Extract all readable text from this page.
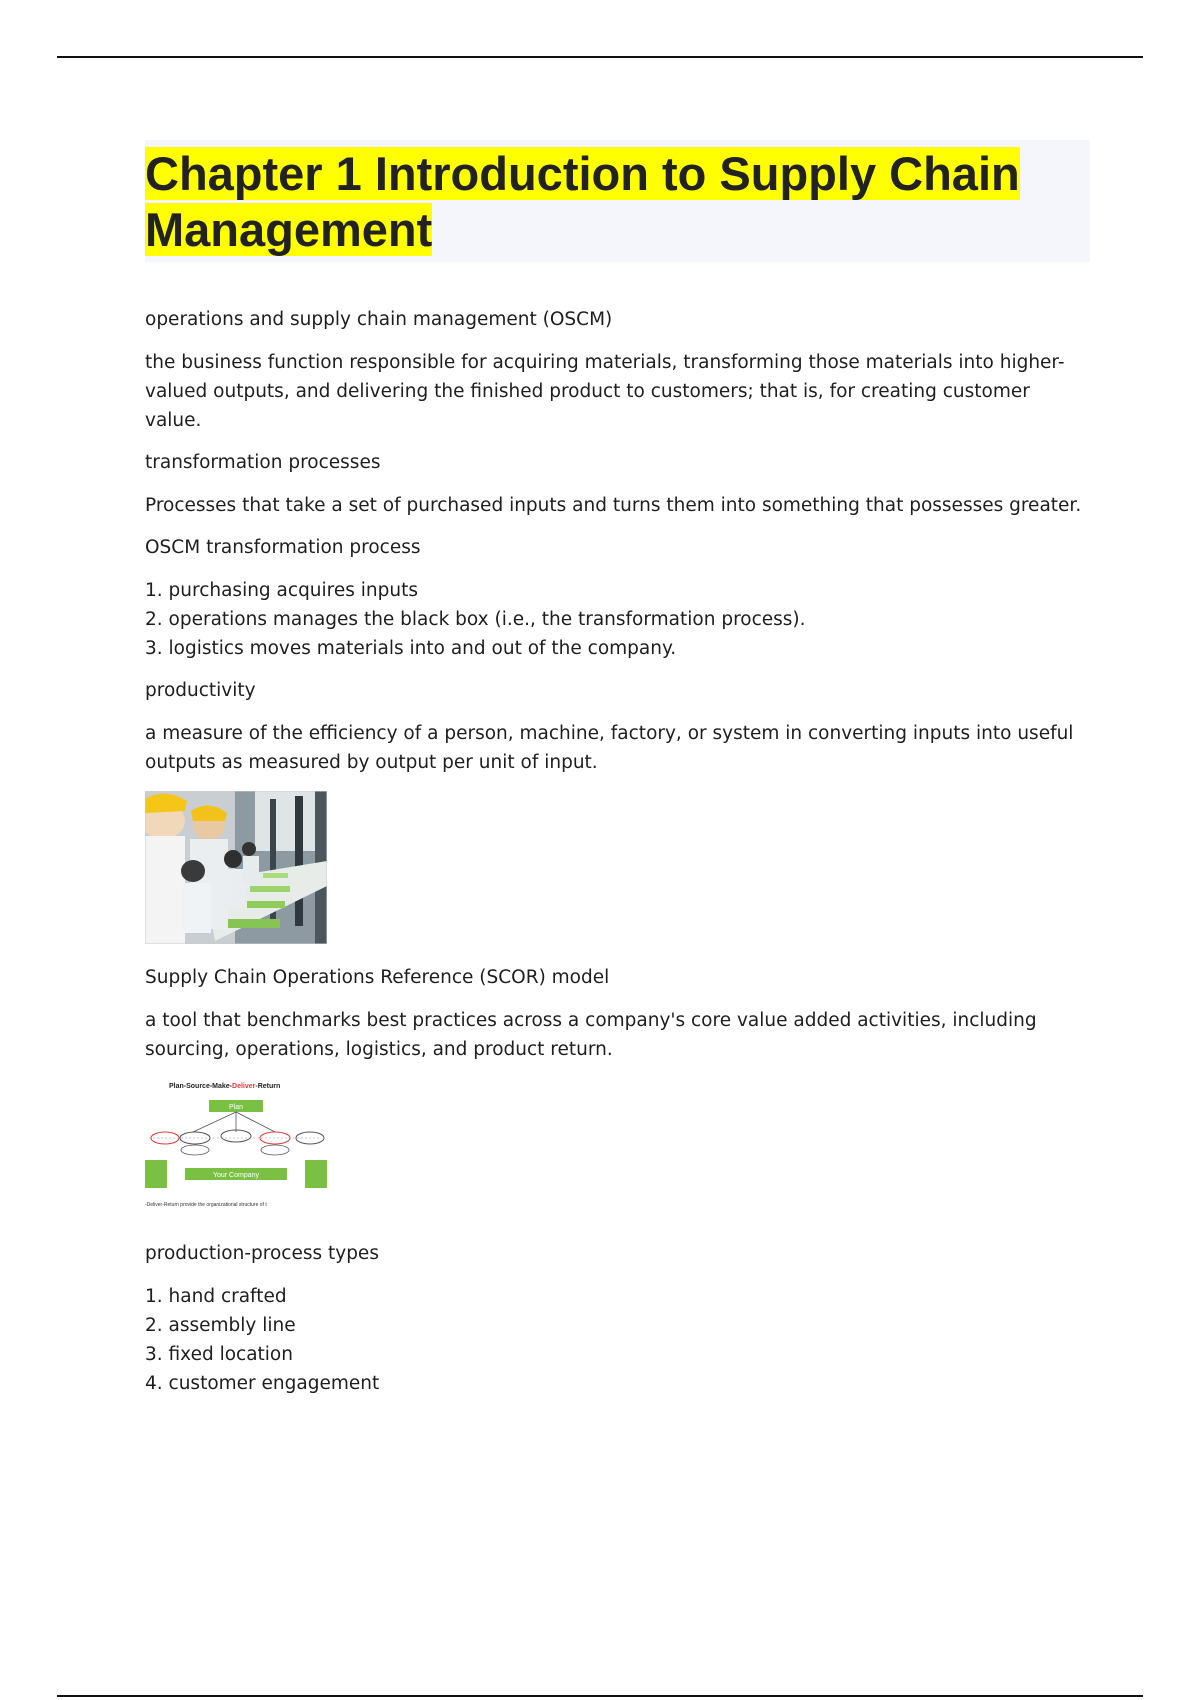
Chapter 1 Introduction to Supply Chain Management

operations and supply chain management (OSCM)

the business function responsible for acquiring materials, transforming those materials into higher-valued outputs, and delivering the finished product to customers; that is, for creating customer value.

transformation processes

Processes that take a set of purchased inputs and turns them into something that possesses greater.

OSCM transformation process

1. purchasing acquires inputs
2. operations manages the black box (i.e., the transformation process).
3. logistics moves materials into and out of the company.

productivity

a measure of the efficiency of a person, machine, factory, or system in converting inputs into useful outputs as measured by output per unit of input.

Supply Chain Operations Reference (SCOR) model

a tool that benchmarks best practices across a company's core value added activities, including sourcing, operations, logistics, and product return.

Plan-Source-Make-Deliver-Return
Plan
Your Company
-Deliver-Return provide the organizational structure of t

production-process types

1. hand crafted
2. assembly line
3. fixed location
4. customer engagement
